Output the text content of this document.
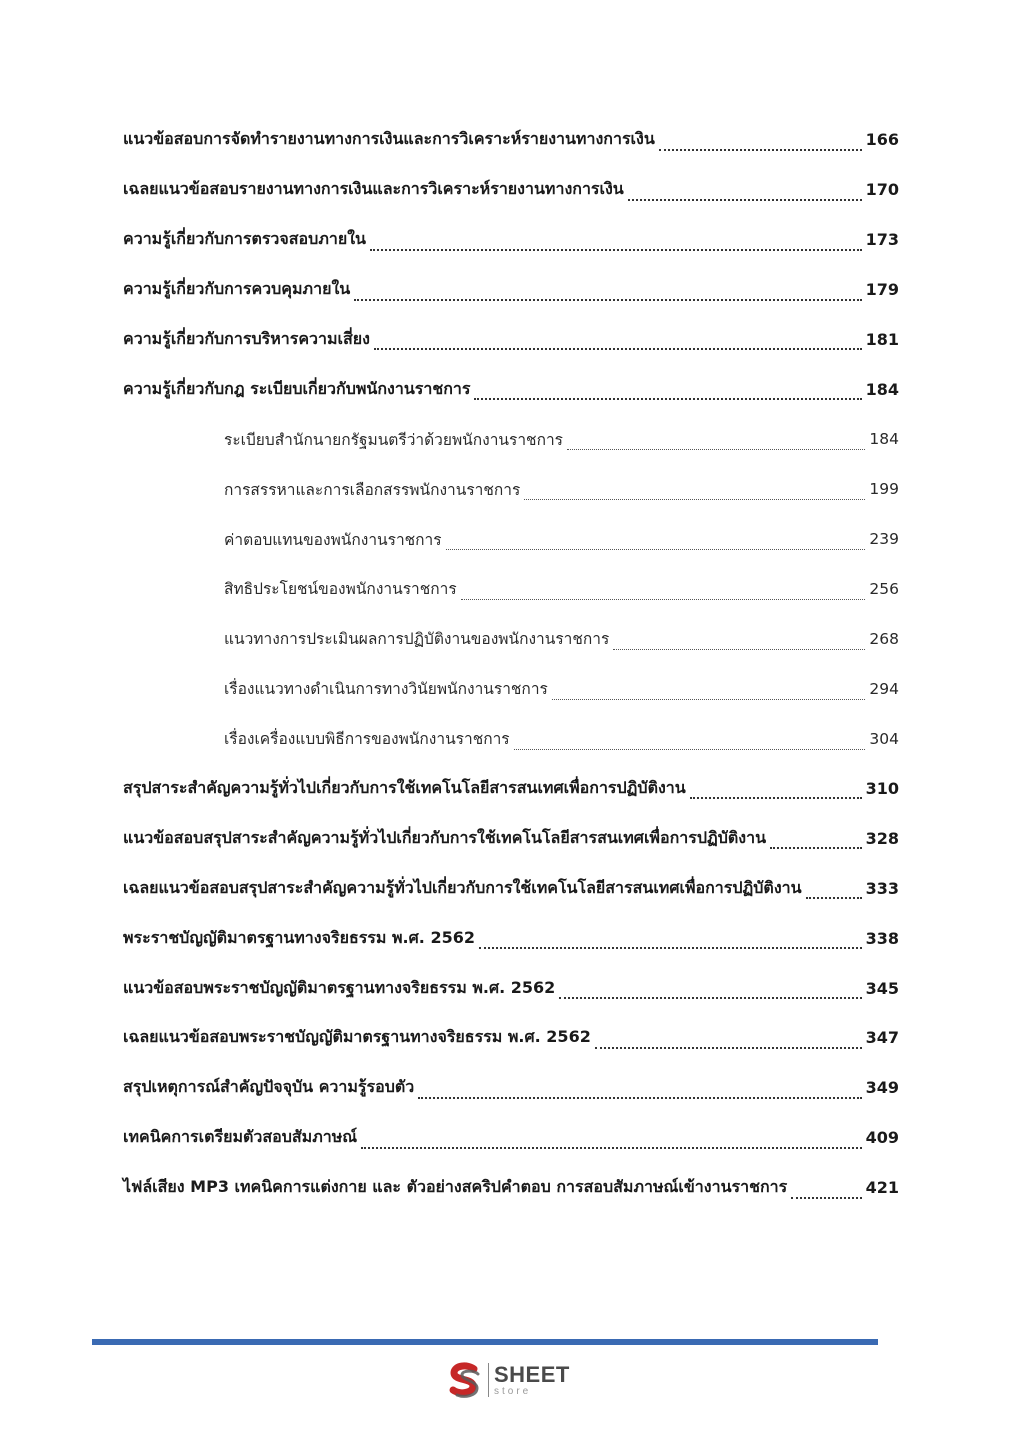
แนวข้อสอบการจัดทำรายงานทางการเงินและการวิเคราะห์รายงานทางการเงิน	166
เฉลยแนวข้อสอบรายงานทางการเงินและการวิเคราะห์รายงานทางการเงิน	170
ความรู้เกี่ยวกับการตรวจสอบภายใน	173
ความรู้เกี่ยวกับการควบคุมภายใน	179
ความรู้เกี่ยวกับการบริหารความเสี่ยง	181
ความรู้เกี่ยวกับกฎ ระเบียบเกี่ยวกับพนักงานราชการ	184
ระเบียบสำนักนายกรัฐมนตรีว่าด้วยพนักงานราชการ	184
การสรรหาและการเลือกสรรพนักงานราชการ	199
ค่าตอบแทนของพนักงานราชการ	239
สิทธิประโยชน์ของพนักงานราชการ	256
แนวทางการประเมินผลการปฏิบัติงานของพนักงานราชการ	268
เรื่องแนวทางดำเนินการทางวินัยพนักงานราชการ	294
เรื่องเครื่องแบบพิธีการของพนักงานราชการ	304
สรุปสาระสำคัญความรู้ทั่วไปเกี่ยวกับการใช้เทคโนโลยีสารสนเทศเพื่อการปฏิบัติงาน	310
แนวข้อสอบสรุปสาระสำคัญความรู้ทั่วไปเกี่ยวกับการใช้เทคโนโลยีสารสนเทศเพื่อการปฏิบัติงาน	328
เฉลยแนวข้อสอบสรุปสาระสำคัญความรู้ทั่วไปเกี่ยวกับการใช้เทคโนโลยีสารสนเทศเพื่อการปฏิบัติงาน	333
พระราชบัญญัติมาตรฐานทางจริยธรรม พ.ศ. 2562	338
แนวข้อสอบพระราชบัญญัติมาตรฐานทางจริยธรรม พ.ศ. 2562	345
เฉลยแนวข้อสอบพระราชบัญญัติมาตรฐานทางจริยธรรม พ.ศ. 2562	347
สรุปเหตุการณ์สำคัญปัจจุบัน ความรู้รอบตัว	349
เทคนิคการเตรียมตัวสอบสัมภาษณ์	409
ไฟล์เสียง MP3 เทคนิคการแต่งกาย และ ตัวอย่างสคริปคำตอบ การสอบสัมภาษณ์เข้างานราชการ	421
SHEET
store
